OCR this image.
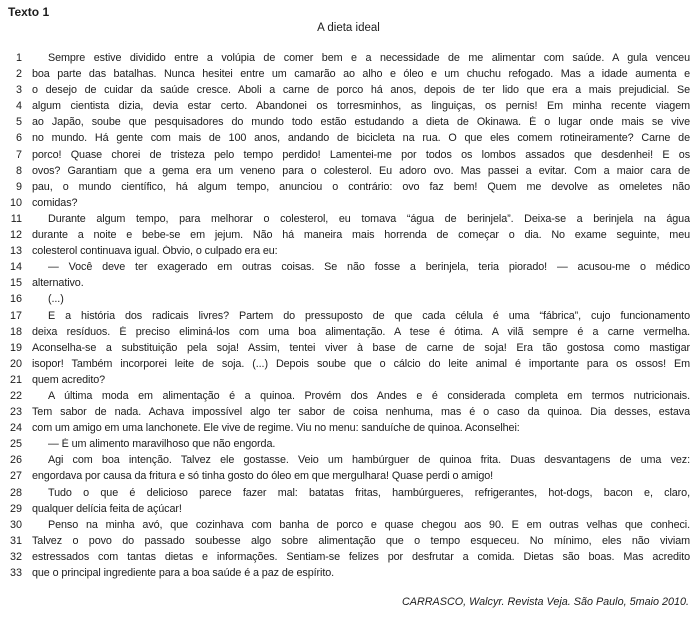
Texto 1
A dieta ideal
1	Sempre estive dividido entre a volúpia de comer bem e a necessidade de me alimentar com saúde. A gula venceu
2 boa parte das batalhas. Nunca hesitei entre um camarão ao alho e óleo e um chuchu refogado. Mas a idade aumenta e
3 o desejo de cuidar da saúde cresce. Aboli a carne de porco há anos, depois de ter lido que era a mais prejudicial. Se
4 algum cientista dizia, devia estar certo. Abandonei os torresminhos, as linguiças, os pernis! Em minha recente viagem
5 ao Japão, soube que pesquisadores do mundo todo estão estudando a dieta de Okinawa. É o lugar onde mais se vive
6 no mundo. Há gente com mais de 100 anos, andando de bicicleta na rua. O que eles comem rotineiramente? Carne de
7 porco! Quase chorei de tristeza pelo tempo perdido! Lamentei-me por todos os lombos assados que desdenhei! E os
8 ovos? Garantiam que a gema era um veneno para o colesterol. Eu adoro ovo. Mas passei a evitar. Com a maior cara de
9 pau, o mundo científico, há algum tempo, anunciou o contrário: ovo faz bem! Quem me devolve as omeletes não
10 comidas?
11	Durante algum tempo, para melhorar o colesterol, eu tomava “água de berinjela”. Deixa-se a berinjela na água
12 durante a noite e bebe-se em jejum. Não há maneira mais horrenda de começar o dia. No exame seguinte, meu
13 colesterol continuava igual. Óbvio, o culpado era eu:
14	— Você deve ter exagerado em outras coisas. Se não fosse a berinjela, teria piorado! — acusou-me o médico
15 alternativo.
16	(...)
17	E a história dos radicais livres? Partem do pressuposto de que cada célula é uma “fábrica”, cujo funcionamento
18 deixa resíduos. É preciso eliminá-los com uma boa alimentação. A tese é ótima. A vilã sempre é a carne vermelha.
19 Aconselha-se a substituição pela soja! Assim, tentei viver à base de carne de soja! Era tão gostosa como mastigar
20 isopor! Também incorporei leite de soja. (...) Depois soube que o cálcio do leite animal é importante para os ossos! Em
21 quem acredito?
22	A última moda em alimentação é a quinoa. Provém dos Andes e é considerada completa em termos nutricionais.
23 Tem sabor de nada. Achava impossível algo ter sabor de coisa nenhuma, mas é o caso da quinoa. Dia desses, estava
24 com um amigo em uma lanchonete. Ele vive de regime. Viu no menu: sanduíche de quinoa. Aconselhei:
25	— É um alimento maravilhoso que não engorda.
26	Agi com boa intenção. Talvez ele gostasse. Veio um hambúrguer de quinoa frita. Duas desvantagens de uma vez:
27 engordava por causa da fritura e só tinha gosto do óleo em que mergulhara! Quase perdi o amigo!
28	Tudo o que é delicioso parece fazer mal: batatas fritas, hambúrgueres, refrigerantes, hot-dogs, bacon e, claro,
29 qualquer delícia feita de açúcar!
30	Penso na minha avó, que cozinhava com banha de porco e quase chegou aos 90. E em outras velhas que conheci.
31 Talvez o povo do passado soubesse algo sobre alimentação que o tempo esqueceu. No mínimo, eles não viviam
32 estressados com tantas dietas e informações. Sentiam-se felizes por desfrutar a comida. Dietas são boas. Mas acredito
33 que o principal ingrediente para a boa saúde é a paz de espírito.
CARRASCO, Walcyr. Revista Veja. São Paulo, 5maio 2010.
